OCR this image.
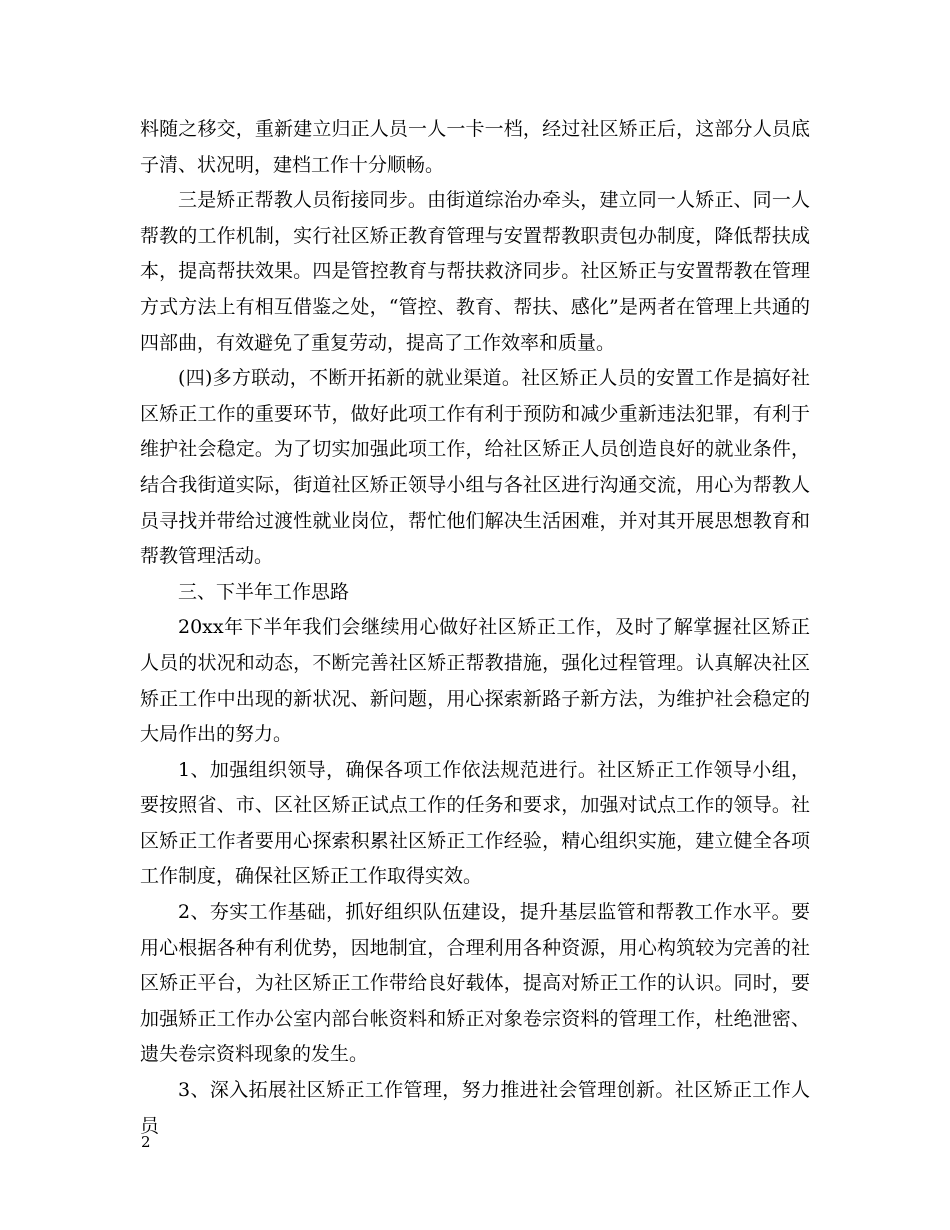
料随之移交，重新建立归正人员一人一卡一档，经过社区矫正后，这部分人员底子清、状况明，建档工作十分顺畅。

三是矫正帮教人员衔接同步。由街道综治办牵头，建立同一人矫正、同一人帮教的工作机制，实行社区矫正教育管理与安置帮教职责包办制度，降低帮扶成本，提高帮扶效果。四是管控教育与帮扶救济同步。社区矫正与安置帮教在管理方式方法上有相互借鉴之处，“管控、教育、帮扶、感化”是两者在管理上共通的四部曲，有效避免了重复劳动，提高了工作效率和质量。

(四)多方联动，不断开拓新的就业渠道。社区矫正人员的安置工作是搞好社区矫正工作的重要环节，做好此项工作有利于预防和减少重新违法犯罪，有利于维护社会稳定。为了切实加强此项工作，给社区矫正人员创造良好的就业条件，结合我街道实际，街道社区矫正领导小组与各社区进行沟通交流，用心为帮教人员寻找并带给过渡性就业岗位，帮忙他们解决生活困难，并对其开展思想教育和帮教管理活动。

三、下半年工作思路

20xx年下半年我们会继续用心做好社区矫正工作，及时了解掌握社区矫正人员的状况和动态，不断完善社区矫正帮教措施，强化过程管理。认真解决社区矫正工作中出现的新状况、新问题，用心探索新路子新方法，为维护社会稳定的大局作出的努力。

1、加强组织领导，确保各项工作依法规范进行。社区矫正工作领导小组，要按照省、市、区社区矫正试点工作的任务和要求，加强对试点工作的领导。社区矫正工作者要用心探索积累社区矫正工作经验，精心组织实施，建立健全各项工作制度，确保社区矫正工作取得实效。

2、夯实工作基础，抓好组织队伍建设，提升基层监管和帮教工作水平。要用心根据各种有利优势，因地制宜，合理利用各种资源，用心构筑较为完善的社区矫正平台，为社区矫正工作带给良好载体，提高对矫正工作的认识。同时，要加强矫正工作办公室内部台帐资料和矫正对象卷宗资料的管理工作，杜绝泄密、遗失卷宗资料现象的发生。

3、深入拓展社区矫正工作管理，努力推进社会管理创新。社区矫正工作人员

2
